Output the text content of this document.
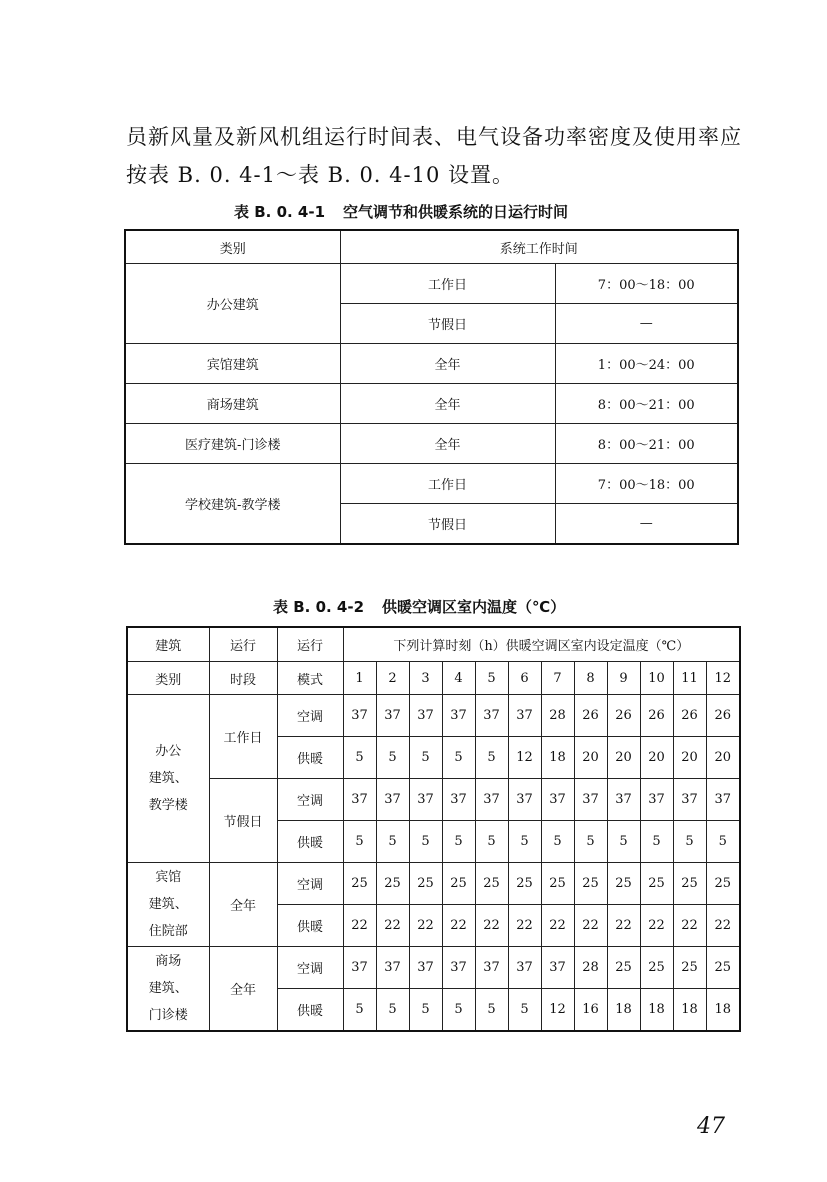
员新风量及新风机组运行时间表、电气设备功率密度及使用率应

按表 B. 0. 4-1～表 B. 0. 4-10 设置。

表 B. 0. 4-1 空气调节和供暖系统的日运行时间
类别	系统工作时间	
办公建筑	工作日	7：00～18：00
	节假日	—
宾馆建筑	全年	1：00～24：00
商场建筑	全年	8：00～21：00
医疗建筑-门诊楼	全年	8：00～21：00
学校建筑-教学楼	工作日	7：00～18：00
	节假日	—
表 B. 0. 4-2 供暖空调区室内温度（℃）
建筑	运行	运行	下列计算时刻（h）供暖空调区室内设定温度（℃）											
类别	时段	模式	1	2	3	4	5	6	7	8	9	10	11	12

办公
建筑、
教学楼	工作日	空调	37	37	37	37	37	37	28	26	26	26	26	26
		供暖	5	5	5	5	5	12	18	20	20	20	20	20
	节假日	空调	37	37	37	37	37	37	37	37	37	37	37	37
		供暖	5	5	5	5	5	5	5	5	5	5	5	5

宾馆
建筑、
住院部	全年	空调	25	25	25	25	25	25	25	25	25	25	25	25
		供暖	22	22	22	22	22	22	22	22	22	22	22	22

商场
建筑、
门诊楼	全年	空调	37	37	37	37	37	37	37	28	25	25	25	25
		供暖	5	5	5	5	5	5	12	16	18	18	18	18
47
